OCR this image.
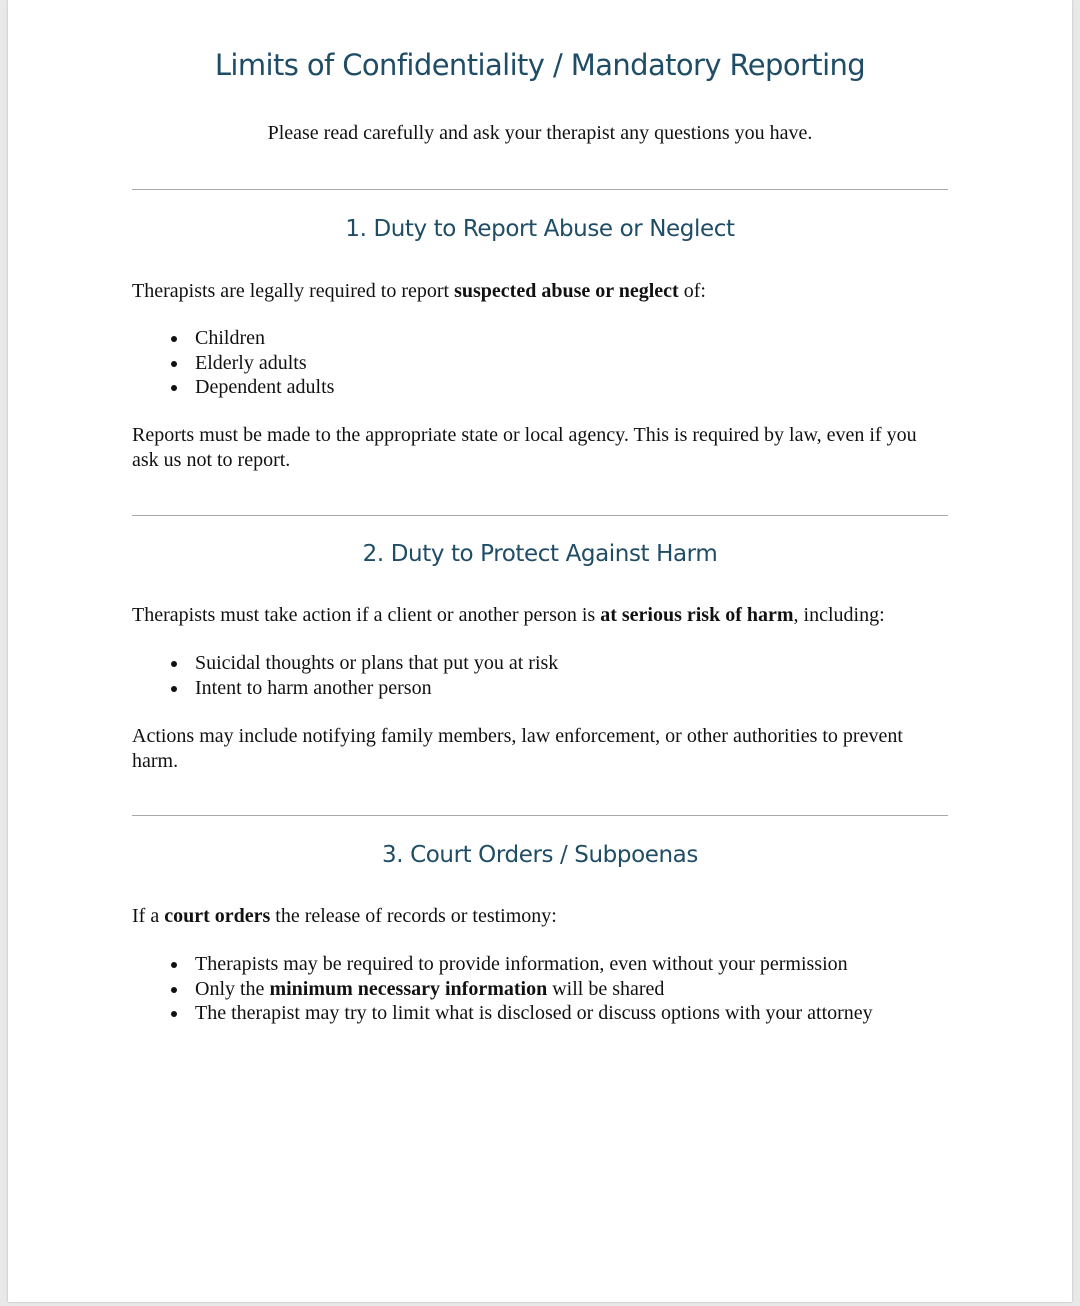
Limits of Confidentiality / Mandatory Reporting

Please read carefully and ask your therapist any questions you have.

1. Duty to Report Abuse or Neglect

Therapists are legally required to report suspected abuse or neglect of:

Children
Elderly adults
Dependent adults

Reports must be made to the appropriate state or local agency. This is required by law, even if you ask us not to report.

2. Duty to Protect Against Harm

Therapists must take action if a client or another person is at serious risk of harm, including:

Suicidal thoughts or plans that put you at risk
Intent to harm another person

Actions may include notifying family members, law enforcement, or other authorities to prevent harm.

3. Court Orders / Subpoenas

If a court orders the release of records or testimony:

Therapists may be required to provide information, even without your permission
Only the minimum necessary information will be shared
The therapist may try to limit what is disclosed or discuss options with your attorney
